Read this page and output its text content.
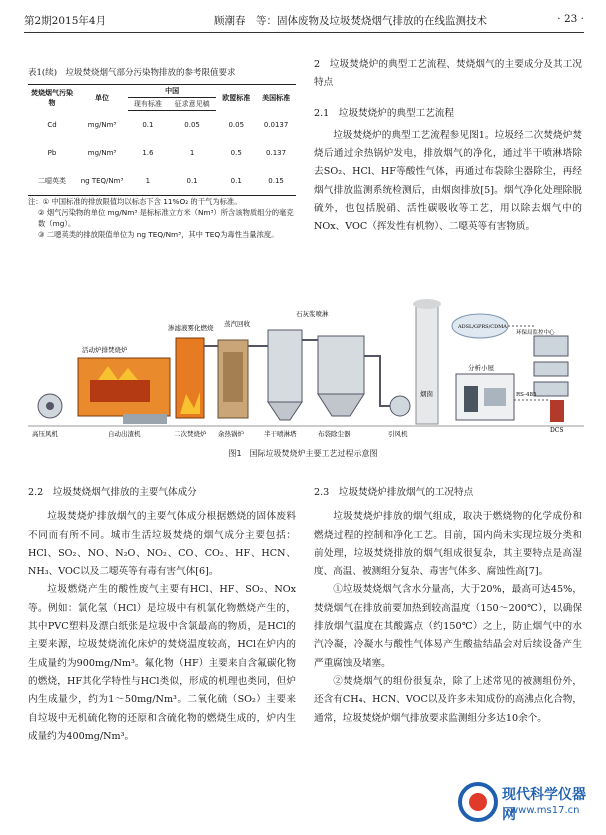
第2期2015年4月	顾潮春　等：固体废物及垃圾焚烧烟气排放的在线监测技术	· 23 ·
表1(续)　垃圾焚烧烟气部分污染物排放的参考限值要求
焚烧烟气污染物	单位	中国		欧盟标准	美国标准
		现有标准	征求意见稿		
Cd	mg/Nm³	0.1	0.05	0.05	0.0137
Pb	mg/Nm³	1.6	1	0.5	0.137
二噁英类	ng TEQ/Nm³	1	0.1	0.1	0.15

注：① 中国标准的排放限值均以标态下含 11%O₂ 的干气为标准。

② 烟气污染物的单位 mg/Nm³ 是标标准立方米（Nm³）所含该物质组分的毫克数（mg）。

③ 二噁英类的排放限值单位为 ng TEQ/Nm³，其中 TEQ为毒性当量浓度。

2　垃圾焚烧炉的典型工艺流程、焚烧烟气的主要成分及其工况特点

2.1　垃圾焚烧炉的典型工艺流程

垃圾焚烧炉的典型工艺流程参见图1。垃圾经二次焚烧炉焚烧后通过余热锅炉发电，排放烟气的净化，通过半干喷淋塔除去SO₂、HCl、HF等酸性气体，再通过布袋除尘器除尘，再经烟气排放监测系统检测后，由烟囱排放[5]。烟气净化处理除脱硫外，也包括脱硝、活性碳吸收等工艺，用以除去烟气中的NOx、VOC（挥发性有机物）、二噁英等有害物质。

高压风机	自动出渣机
活动炉排焚烧炉
二次焚烧炉 余热锅炉
渗滤液雾化燃烧 蒸汽回收
半干喷淋塔
石灰浆喷淋
布袋除尘器	引风机
烟囱
分析小屋
ADSL/GPRS/CDMA
环保局监控中心
RS-485
DCS
图1　国际垃圾焚烧炉主要工艺过程示意图

2.2　垃圾焚烧烟气排放的主要气体成分

垃圾焚烧炉排放烟气的主要气体成分根据燃烧的固体废料不同而有所不同。城市生活垃圾焚烧的烟气成分主要包括：HCl、SO₂、NO、N₂O、NO₂、CO、CO₂、HF、HCN、NH₃、VOC以及二噁英等有毒有害气体[6]。

垃圾燃烧产生的酸性废气主要有HCl、HF、SO₂、NOx等。例如：氯化氢（HCl）是垃圾中有机氯化物燃烧产生的，其中PVC塑料及漂白纸张是垃圾中含氯最高的物质，是HCl的主要来源，垃圾焚烧流化床炉的焚烧温度较高，HCl在炉内的生成量约为900mg/Nm³。氟化物（HF）主要来自含氟碳化物的燃烧，HF其化学特性与HCl类似，形成的机理也类同，但炉内生成量少，约为1～50mg/Nm³。二氧化硫（SO₂）主要来自垃圾中无机硫化物的还原和含硫化物的燃烧生成的，炉内生成量约为400mg/Nm³。

2.3　垃圾焚烧炉排放烟气的工况特点

垃圾焚烧炉排放的烟气组成，取决于燃烧物的化学成份和燃烧过程的控制和净化工艺。目前，国内尚未实现垃圾分类和前处理，垃圾焚烧排放的烟气组成很复杂，其主要特点是高湿度、高温、被测组分复杂、毒害气体多、腐蚀性高[7]。

①垃圾焚烧烟气含水分量高，大于20%，最高可达45%，焚烧烟气在排放前要加热到较高温度（150～200℃），以确保排放烟气温度在其酸露点（约150℃）之上，防止烟气中的水汽冷凝，冷凝水与酸性气体易产生酸盐结晶会对后续设备产生严重腐蚀及堵塞。

②焚烧烟气的组份很复杂，除了上述常见的被测组份外，还含有CH₄、HCN、VOC以及许多未知成份的高沸点化合物，通常，垃圾焚烧炉烟气排放要求监测组分多达10余个。

现代科学仪器网
www.ms17.cn
